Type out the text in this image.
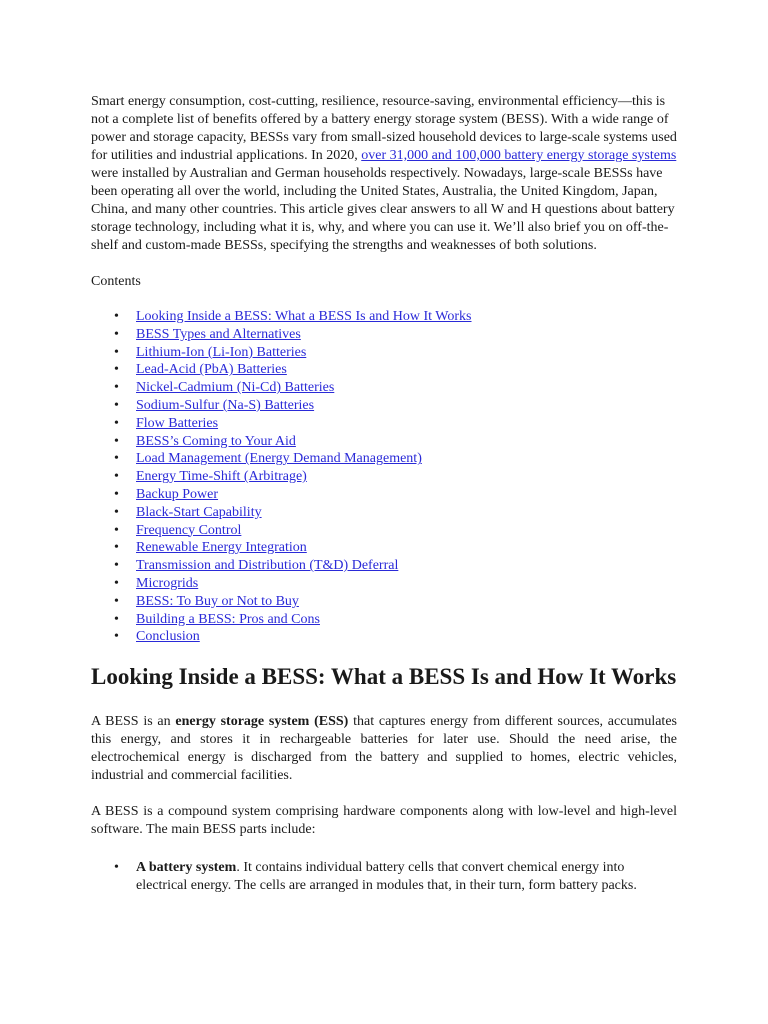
Smart energy consumption, cost-cutting, resilience, resource-saving, environmental efficiency—this is not a complete list of benefits offered by a battery energy storage system (BESS). With a wide range of power and storage capacity, BESSs vary from small-sized household devices to large-scale systems used for utilities and industrial applications. In 2020, over 31,000 and 100,000 battery energy storage systems were installed by Australian and German households respectively. Nowadays, large-scale BESSs have been operating all over the world, including the United States, Australia, the United Kingdom, Japan, China, and many other countries. This article gives clear answers to all W and H questions about battery storage technology, including what it is, why, and where you can use it. We’ll also brief you on off-the-shelf and custom-made BESSs, specifying the strengths and weaknesses of both solutions.

Contents

• Looking Inside a BESS: What a BESS Is and How It Works
• BESS Types and Alternatives
• Lithium-Ion (Li-Ion) Batteries
• Lead-Acid (PbA) Batteries
• Nickel-Cadmium (Ni-Cd) Batteries
• Sodium-Sulfur (Na-S) Batteries
• Flow Batteries
• BESS’s Coming to Your Aid
• Load Management (Energy Demand Management)
• Energy Time-Shift (Arbitrage)
• Backup Power
• Black-Start Capability
• Frequency Control
• Renewable Energy Integration
• Transmission and Distribution (T&D) Deferral
• Microgrids
• BESS: To Buy or Not to Buy
• Building a BESS: Pros and Cons
• Conclusion
Looking Inside a BESS: What a BESS Is and How It Works

A BESS is an energy storage system (ESS) that captures energy from different sources, accumulates this energy, and stores it in rechargeable batteries for later use. Should the need arise, the electrochemical energy is discharged from the battery and supplied to homes, electric vehicles, industrial and commercial facilities.

A BESS is a compound system comprising hardware components along with low-level and high-level software. The main BESS parts include:

• A battery system. It contains individual battery cells that convert chemical energy into electrical energy. The cells are arranged in modules that, in their turn, form battery packs.
